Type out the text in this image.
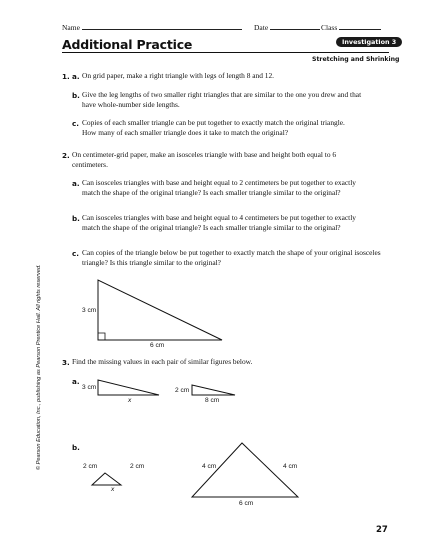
Name	Date	Class
Additional Practice	Investigation 3
Stretching and Shrinking
1. a. On grid paper, make a right triangle with legs of length 8 and 12.
b. Give the leg lengths of two smaller right triangles that are similar to the one you drew and that have whole-number side lengths.
c. Copies of each smaller triangle can be put together to exactly match the original triangle. How many of each smaller triangle does it take to match the original?
2. On centimeter-grid paper, make an isosceles triangle with base and height both equal to 6 centimeters.
a. Can isosceles triangles with base and height equal to 2 centimeters be put together to exactly match the shape of the original triangle? Is each smaller triangle similar to the original?
b. Can isosceles triangles with base and height equal to 4 centimeters be put together to exactly match the shape of the original triangle? Is each smaller triangle similar to the original?
c. Can copies of the triangle below be put together to exactly match the shape of your original isosceles triangle? Is this triangle similar to the original?
3 cm
6 cm
3. Find the missing values in each pair of similar figures below.
a.
3 cm
x
2 cm
8 cm
b.
2 cm	2 cm
x
4 cm	4 cm
6 cm
© Pearson Education, Inc., publishing as Pearson Prentice Hall. All rights reserved.
27
